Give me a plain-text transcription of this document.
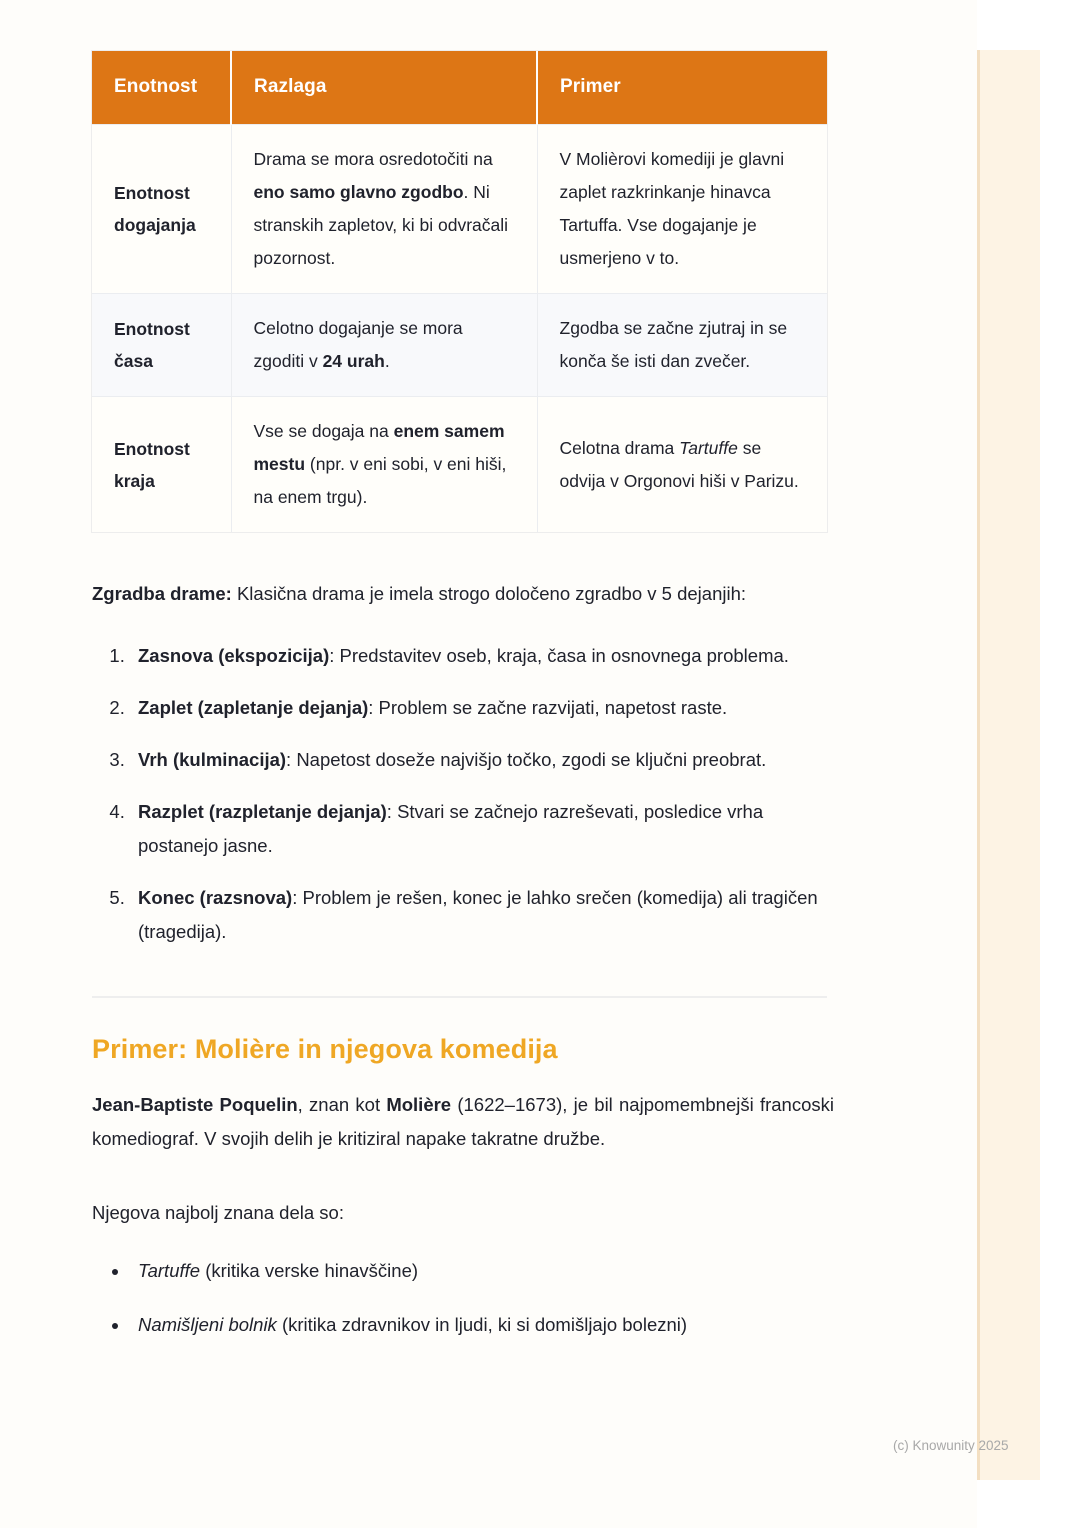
Enotnost	Razlaga	Primer
Enotnost dogajanja	Drama se mora osredotočiti na eno samo glavno zgodbo. Ni stranskih zapletov, ki bi odvračali pozornost.	V Molièrovi komediji je glavni zaplet razkrinkanje hinavca Tartuffa. Vse dogajanje je usmerjeno v to.
Enotnost časa	Celotno dogajanje se mora zgoditi v 24 urah.	Zgodba se začne zjutraj in se konča še isti dan zvečer.
Enotnost kraja	Vse se dogaja na enem samem mestu (npr. v eni sobi, v eni hiši, na enem trgu).	Celotna drama Tartuffe se odvija v Orgonovi hiši v Parizu.

Zgradba drame: Klasična drama je imela strogo določeno zgradbo v 5 dejanjih:

1. Zasnova (ekspozicija): Predstavitev oseb, kraja, časa in osnovnega problema.
2. Zaplet (zapletanje dejanja): Problem se začne razvijati, napetost raste.
3. Vrh (kulminacija): Napetost doseže najvišjo točko, zgodi se ključni preobrat.
4. Razplet (razpletanje dejanja): Stvari se začnejo razreševati, posledice vrha postanejo jasne.
5. Konec (razsnova): Problem je rešen, konec je lahko srečen (komedija) ali tragičen (tragedija).
Primer: Molière in njegova komedija

Jean-Baptiste Poquelin, znan kot Molière (1622–1673), je bil najpomembnejši francoski komediograf. V svojih delih je kritiziral napake takratne družbe.

Njegova najbolj znana dela so:

• Tartuffe (kritika verske hinavščine)
• Namišljeni bolnik (kritika zdravnikov in ljudi, ki si domišljajo bolezni)
(c) Knowunity 2025
